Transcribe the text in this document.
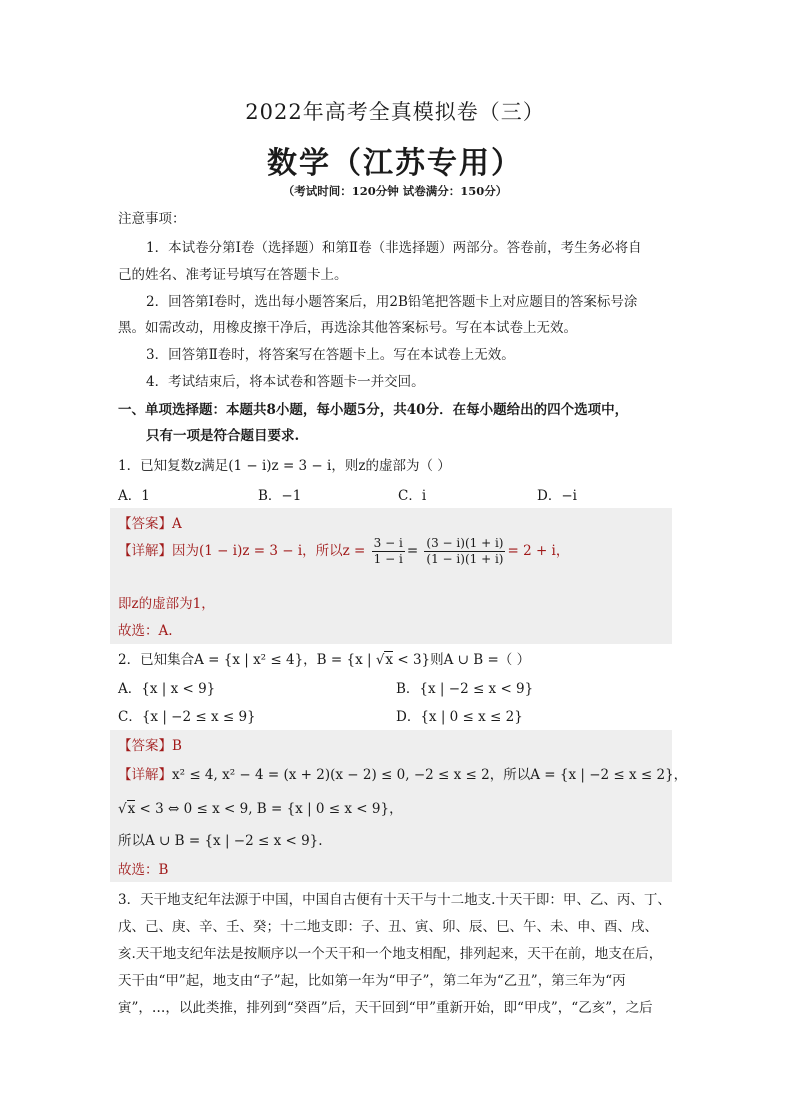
2022年高考全真模拟卷（三）
数学（江苏专用）
（考试时间：120分钟 试卷满分：150分）
注意事项：
1．本试卷分第Ⅰ卷（选择题）和第Ⅱ卷（非选择题）两部分。答卷前，考生务必将自
己的姓名、准考证号填写在答题卡上。
2．回答第Ⅰ卷时，选出每小题答案后，用2B铅笔把答题卡上对应题目的答案标号涂
黑。如需改动，用橡皮擦干净后，再选涂其他答案标号。写在本试卷上无效。
3．回答第Ⅱ卷时，将答案写在答题卡上。写在本试卷上无效。
4．考试结束后，将本试卷和答题卡一并交回。
一、单项选择题：本题共8小题，每小题5分，共40分．在每小题给出的四个选项中，
只有一项是符合题目要求.
1．已知复数z满足(1 − i)z = 3 − i，则z的虚部为（ ）
A．1	B．−1	C．i	D．−i
【答案】A
【详解】因为(1 − i)z = 3 − i，所以$z = \frac{3 - i}{1 - i} = \frac{(3 - i)(1 + i)}{(1 - i)(1 + i)} = 2 + i$，
即z的虚部为1，
故选：A.
2．已知集合A = {x | x² ≤ 4}，B = {x | √x < 3}则A ∪ B =（ ）
A．{x | x < 9}	B．{x | −2 ≤ x < 9}
C．{x | −2 ≤ x ≤ 9}	D．{x | 0 ≤ x ≤ 2}
【答案】B
【详解】x² ≤ 4, x² − 4 = (x + 2)(x − 2) ≤ 0, −2 ≤ x ≤ 2，所以A = {x | −2 ≤ x ≤ 2}，
√x < 3 ⇔ 0 ≤ x < 9, B = {x | 0 ≤ x < 9}，
所以A ∪ B = {x | −2 ≤ x < 9}.
故选：B
3．天干地支纪年法源于中国，中国自古便有十天干与十二地支.十天干即：甲、乙、丙、丁、
戊、己、庚、辛、壬、癸；十二地支即：子、丑、寅、卯、辰、巳、午、未、申、酉、戌、
亥.天干地支纪年法是按顺序以一个天干和一个地支相配，排列起来，天干在前，地支在后，
天干由“甲”起，地支由“子”起，比如第一年为“甲子”，第二年为“乙丑”，第三年为“丙
寅”，…，以此类推，排列到“癸酉”后，天干回到“甲”重新开始，即“甲戌”，“乙亥”，之后
